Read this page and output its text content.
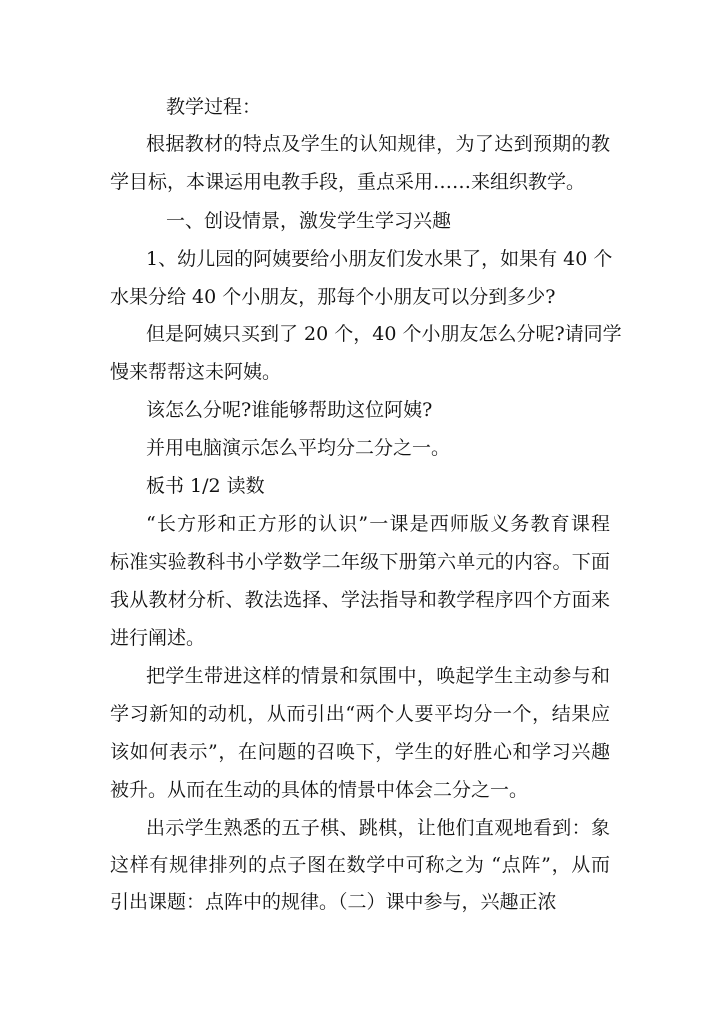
教学过程：

根据教材的特点及学生的认知规律，为了达到预期的教

学目标，本课运用电教手段，重点采用……来组织教学。

一、创设情景，激发学生学习兴趣

1、幼儿园的阿姨要给小朋友们发水果了，如果有 40 个

水果分给 40 个小朋友，那每个小朋友可以分到多少?

但是阿姨只买到了 20 个，40 个小朋友怎么分呢?请同学

慢来帮帮这未阿姨。

该怎么分呢?谁能够帮助这位阿姨?

并用电脑演示怎么平均分二分之一。

板书 1/2 读数

“长方形和正方形的认识”一课是西师版义务教育课程

标准实验教科书小学数学二年级下册第六单元的内容。下面

我从教材分析、教法选择、学法指导和教学程序四个方面来

进行阐述。

把学生带进这样的情景和氛围中，唤起学生主动参与和

学习新知的动机，从而引出“两个人要平均分一个，结果应

该如何表示”，在问题的召唤下，学生的好胜心和学习兴趣

被升。从而在生动的具体的情景中体会二分之一。

出示学生熟悉的五子棋、跳棋，让他们直观地看到：象

这样有规律排列的点子图在数学中可称之为 “点阵”，从而

引出课题：点阵中的规律。（二）课中参与，兴趣正浓
